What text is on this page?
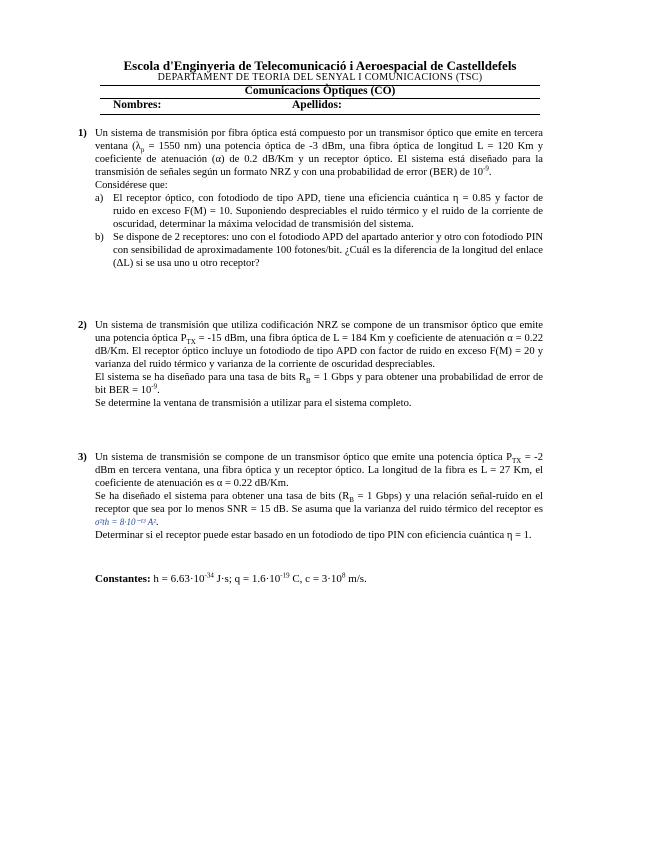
Escola d'Enginyeria de Telecomunicació i Aeroespacial de Castelldefels
DEPARTAMENT DE TEORIA DEL SENYAL I COMUNICACIONS (TSC)
Comunicacions Òptiques (CO)
Nombres:	Apellidos:
1) Un sistema de transmisión por fibra óptica está compuesto por un transmisor óptico que emite en tercera ventana ($\lambda_p = 1550$ nm) una potencia óptica de -3 dBm, una fibra óptica de longitud L = 120 Km y coeficiente de atenuación (α) de 0.2 dB/Km y un receptor óptico. El sistema está diseñado para la transmisión de señales según un formato NRZ y con una probabilidad de error (BER) de $10^{-9}$.

Considérese que:

a) El receptor óptico, con fotodiodo de tipo APD, tiene una eficiencia cuántica η = 0.85 y factor de ruido en exceso F(M) = 10. Suponiendo despreciables el ruido térmico y el ruido de la corriente de oscuridad, determinar la máxima velocidad de transmisión del sistema.

b) Se dispone de 2 receptores: uno con el fotodiodo APD del apartado anterior y otro con fotodiodo PIN con sensibilidad de aproximadamente 100 fotones/bit. ¿Cuál es la diferencia de la longitud del enlace (ΔL) si se usa uno u otro receptor?

2) Un sistema de transmisión que utiliza codificación NRZ se compone de un transmisor óptico que emite una potencia óptica $P_{TX} = -15$ dBm, una fibra óptica de L = 184 Km y coeficiente de atenuación α = 0.22 dB/Km. El receptor óptico incluye un fotodiodo de tipo APD con factor de ruido en exceso F(M) = 20 y varianza del ruido térmico y varianza de la corriente de oscuridad despreciables.

El sistema se ha diseñado para una tasa de bits $R_B = 1$ Gbps y para obtener una probabilidad de error de bit BER = $10^{-9}$.

Se determine la ventana de transmisión a utilizar para el sistema completo.

3) Un sistema de transmisión se compone de un transmisor óptico que emite una potencia óptica $P_{TX} = -2$ dBm en tercera ventana, una fibra óptica y un receptor óptico. La longitud de la fibra es L = 27 Km, el coeficiente de atenuación es α = 0.22 dB/Km.

Se ha diseñado el sistema para obtener una tasa de bits ($R_B = 1$ Gbps) y una relación señal-ruido en el receptor que sea por lo menos SNR = 15 dB. Se asuma que la varianza del ruido térmico del receptor es σ²th = 8·10⁻¹³ A².

Determinar si el receptor puede estar basado en un fotodiodo de tipo PIN con eficiencia cuántica η = 1.

Constantes: $h = 6.63\cdot 10^{-34}$ J·s; $q = 1.6\cdot 10^{-19}$ C, $c = 3\cdot 10^8$ m/s.
